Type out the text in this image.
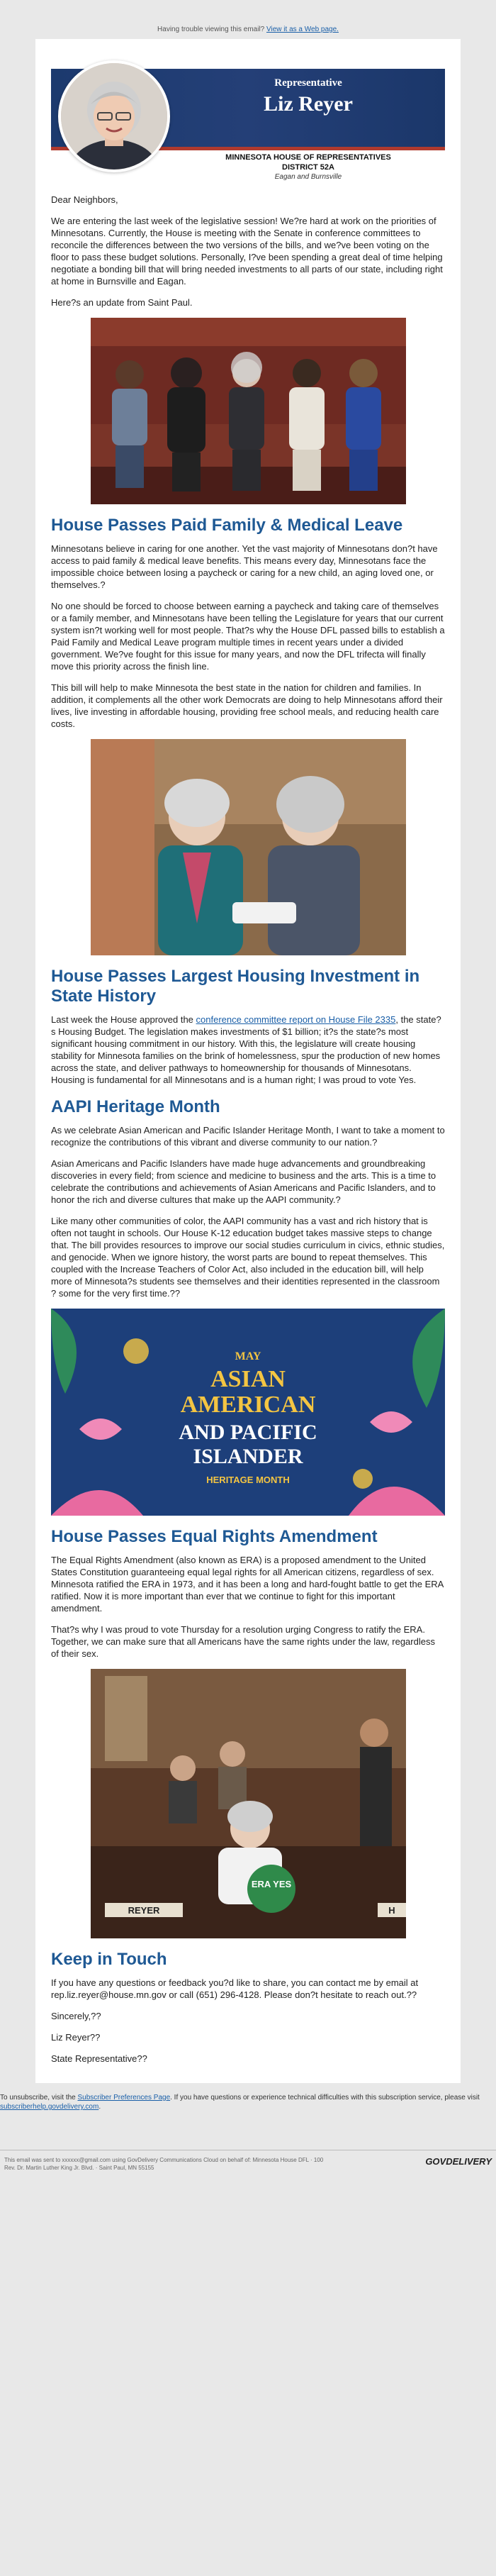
Having trouble viewing this email? View it as a Web page.
Representative
Liz Reyer
MINNESOTA HOUSE OF REPRESENTATIVES
DISTRICT 52A
Eagan and Burnsville

Dear Neighbors,

We are entering the last week of the legislative session! We?re hard at work on the priorities of Minnesotans. Currently, the House is meeting with the Senate in conference committees to reconcile the differences between the two versions of the bills, and we?ve been voting on the floor to pass these budget solutions. Personally, I?ve been spending a great deal of time helping negotiate a bonding bill that will bring needed investments to all parts of our state, including right at home in Burnsville and Eagan.

Here?s an update from Saint Paul.

House Passes Paid Family & Medical Leave

Minnesotans believe in caring for one another. Yet the vast majority of Minnesotans don?t have access to paid family & medical leave benefits. This means every day, Minnesotans face the impossible choice between losing a paycheck or caring for a new child, an aging loved one, or themselves.?

No one should be forced to choose between earning a paycheck and taking care of themselves or a family member, and Minnesotans have been telling the Legislature for years that our current system isn?t working well for most people. That?s why the House DFL passed bills to establish a Paid Family and Medical Leave program multiple times in recent years under a divided government. We?ve fought for this issue for many years, and now the DFL trifecta will finally move this priority across the finish line.

This bill will help to make Minnesota the best state in the nation for children and families. In addition, it complements all the other work Democrats are doing to help Minnesotans afford their lives, live investing in affordable housing, providing free school meals, and reducing health care costs.

House Passes Largest Housing Investment in State History

Last week the House approved the conference committee report on House File 2335, the state?s Housing Budget. The legislation makes investments of $1 billion; it?s the state?s most significant housing commitment in our history. With this, the legislature will create housing stability for Minnesota families on the brink of homelessness, spur the production of new homes across the state, and deliver pathways to homeownership for thousands of Minnesotans. Housing is fundamental for all Minnesotans and is a human right; I was proud to vote Yes.

AAPI Heritage Month

As we celebrate Asian American and Pacific Islander Heritage Month, I want to take a moment to recognize the contributions of this vibrant and diverse community to our nation.?

Asian Americans and Pacific Islanders have made huge advancements and groundbreaking discoveries in every field; from science and medicine to business and the arts. This is a time to celebrate the contributions and achievements of Asian Americans and Pacific Islanders, and to honor the rich and diverse cultures that make up the AAPI community.?

Like many other communities of color, the AAPI community has a vast and rich history that is often not taught in schools. Our House K-12 education budget takes massive steps to change that. The bill provides resources to improve our social studies curriculum in civics, ethnic studies, and genocide. When we ignore history, the worst parts are bound to repeat themselves. This coupled with the Increase Teachers of Color Act, also included in the education bill, will help more of Minnesota?s students see themselves and their identities represented in the classroom ? some for the very first time.??

MAY
ASIAN
AMERICAN
AND PACIFIC
ISLANDER
HERITAGE MONTH
House Passes Equal Rights Amendment

The Equal Rights Amendment (also known as ERA) is a proposed amendment to the United States Constitution guaranteeing equal legal rights for all American citizens, regardless of sex. Minnesota ratified the ERA in 1973, and it has been a long and hard-fought battle to get the ERA ratified. Now it is more important than ever that we continue to fight for this important amendment.

That?s why I was proud to vote Thursday for a resolution urging Congress to ratify the ERA. Together, we can make sure that all Americans have the same rights under the law, regardless of their sex.

ERA YES
REYER	H
Keep in Touch

If you have any questions or feedback you?d like to share, you can contact me by email at rep.liz.reyer@house.mn.gov or call (651) 296-4128. Please don?t hesitate to reach out.??

Sincerely,??

Liz Reyer??

State Representative??

To unsubscribe, visit the Subscriber Preferences Page. If you have questions or experience technical difficulties with this subscription service, please visit subscriberhelp.govdelivery.com.
This email was sent to xxxxxx@gmail.com using GovDelivery Communications Cloud on behalf of: Minnesota House DFL · 100
Rev. Dr. Martin Luther King Jr. Blvd. · Saint Paul, MN 55155
GOVDELIVERY
